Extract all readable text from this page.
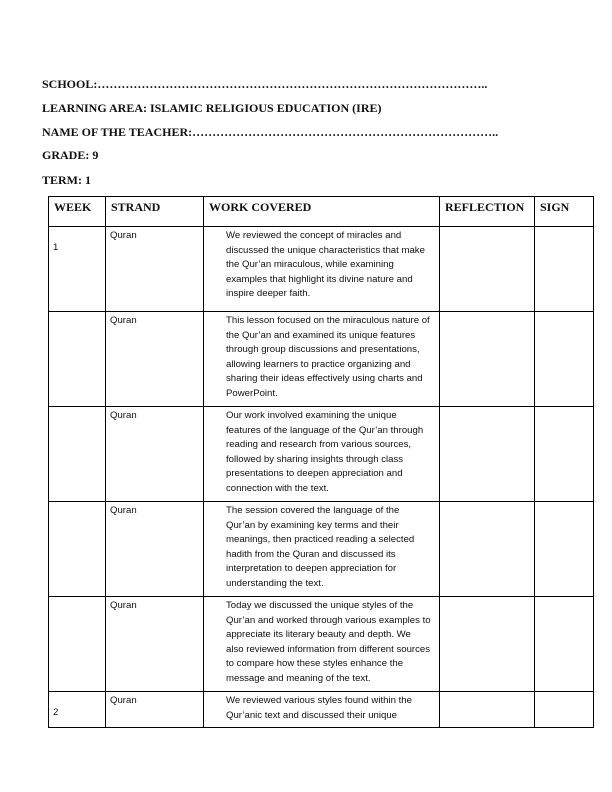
SCHOOL:……………………………………………………………………………………..
LEARNING AREA: ISLAMIC RELIGIOUS EDUCATION (IRE)
NAME OF THE TEACHER:…………………………………………………………………..
GRADE: 9
TERM: 1
WEEK	STRAND	WORK COVERED	REFLECTION	SIGN

1	Quran	We reviewed the concept of miracles and discussed the unique characteristics that make the Qur’an miraculous, while examining examples that highlight its divine nature and inspire deeper faith.		

	Quran	This lesson focused on the miraculous nature of the Qur’an and examined its unique features through group discussions and presentations, allowing learners to practice organizing and sharing their ideas effectively using charts and PowerPoint.		

	Quran	Our work involved examining the unique features of the language of the Qur’an through reading and research from various sources, followed by sharing insights through class presentations to deepen appreciation and connection with the text.		

	Quran	The session covered the language of the Qur’an by examining key terms and their meanings, then practiced reading a selected hadith from the Quran and discussed its interpretation to deepen appreciation for understanding the text.		

	Quran	Today we discussed the unique styles of the Qur’an and worked through various examples to appreciate its literary beauty and depth. We also reviewed information from different sources to compare how these styles enhance the message and meaning of the text.		

2	Quran	We reviewed various styles found within the Qur’anic text and discussed their unique		
